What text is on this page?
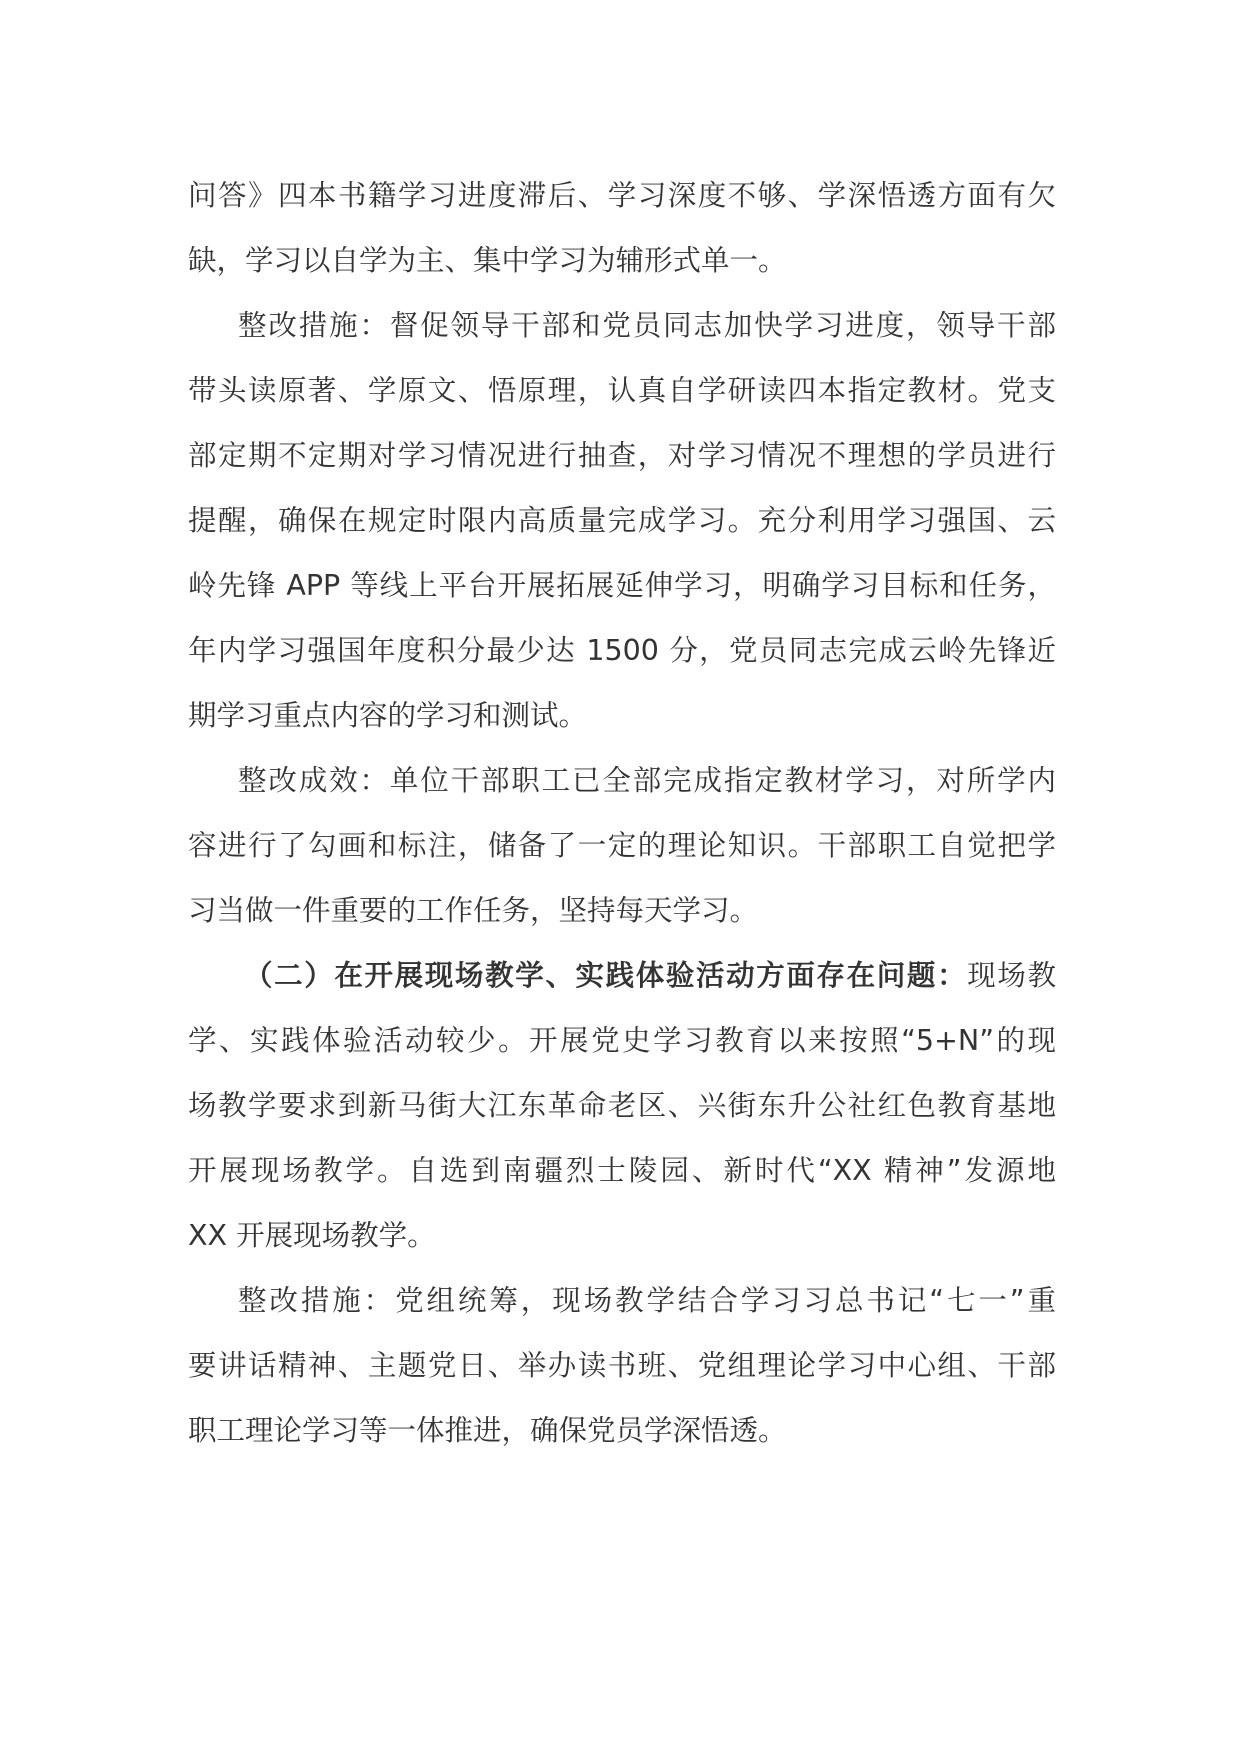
问答》四本书籍学习进度滞后、学习深度不够、学深悟透方面有欠
缺，学习以自学为主、集中学习为辅形式单一。
整改措施：督促领导干部和党员同志加快学习进度，领导干部
带头读原著、学原文、悟原理，认真自学研读四本指定教材。党支
部定期不定期对学习情况进行抽查，对学习情况不理想的学员进行
提醒，确保在规定时限内高质量完成学习。充分利用学习强国、云
岭先锋 APP 等线上平台开展拓展延伸学习，明确学习目标和任务，
年内学习强国年度积分最少达 1500 分，党员同志完成云岭先锋近
期学习重点内容的学习和测试。
整改成效：单位干部职工已全部完成指定教材学习，对所学内
容进行了勾画和标注，储备了一定的理论知识。干部职工自觉把学
习当做一件重要的工作任务，坚持每天学习。
（二）在开展现场教学、实践体验活动方面存在问题：现场教
学、实践体验活动较少。开展党史学习教育以来按照“5+N”的现
场教学要求到新马街大江东革命老区、兴街东升公社红色教育基地
开展现场教学。自选到南疆烈士陵园、新时代“XX 精神”发源地
XX 开展现场教学。
整改措施：党组统筹，现场教学结合学习习总书记“七一”重
要讲话精神、主题党日、举办读书班、党组理论学习中心组、干部
职工理论学习等一体推进，确保党员学深悟透。
